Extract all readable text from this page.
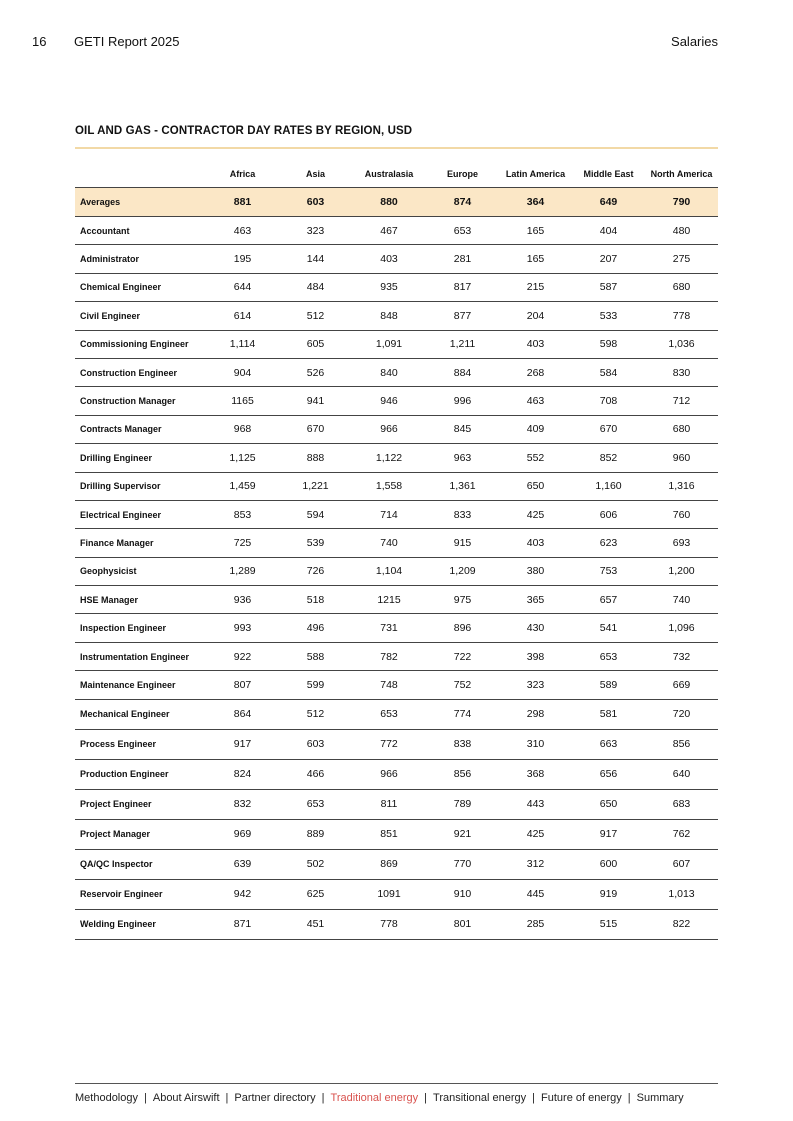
16 GETI Report 2025	Salaries
OIL AND GAS - CONTRACTOR DAY RATES BY REGION, USD
	Africa	Asia	Australasia	Europe	Latin America	Middle East	North America
Averages	881	603	880	874	364	649	790
Accountant	463	323	467	653	165	404	480
Administrator	195	144	403	281	165	207	275
Chemical Engineer	644	484	935	817	215	587	680
Civil Engineer	614	512	848	877	204	533	778
Commissioning Engineer	1,114	605	1,091	1,211	403	598	1,036
Construction Engineer	904	526	840	884	268	584	830
Construction Manager	1165	941	946	996	463	708	712
Contracts Manager	968	670	966	845	409	670	680
Drilling Engineer	1,125	888	1,122	963	552	852	960
Drilling Supervisor	1,459	1,221	1,558	1,361	650	1,160	1,316
Electrical Engineer	853	594	714	833	425	606	760
Finance Manager	725	539	740	915	403	623	693
Geophysicist	1,289	726	1,104	1,209	380	753	1,200
HSE Manager	936	518	1215	975	365	657	740
Inspection Engineer	993	496	731	896	430	541	1,096
Instrumentation Engineer	922	588	782	722	398	653	732
Maintenance Engineer	807	599	748	752	323	589	669
Mechanical Engineer	864	512	653	774	298	581	720
Process Engineer	917	603	772	838	310	663	856
Production Engineer	824	466	966	856	368	656	640
Project Engineer	832	653	811	789	443	650	683
Project Manager	969	889	851	921	425	917	762
QA/QC Inspector	639	502	869	770	312	600	607
Reservoir Engineer	942	625	1091	910	445	919	1,013
Welding Engineer	871	451	778	801	285	515	822
Methodology | About Airswift | Partner directory | Traditional energy | Transitional energy | Future of energy | Summary
